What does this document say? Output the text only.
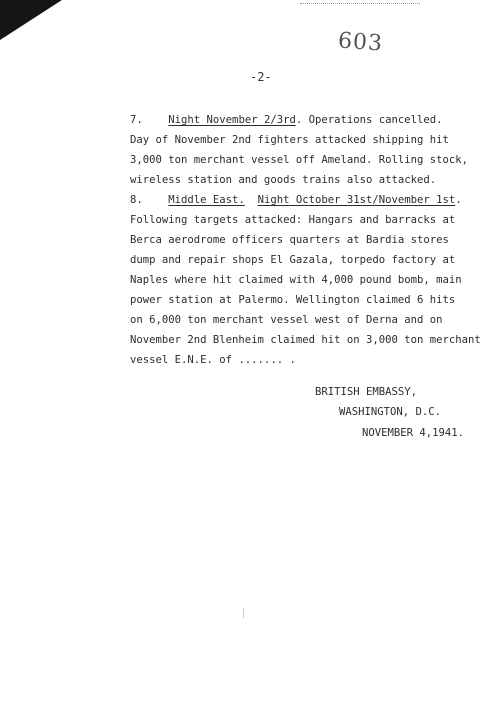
603
-2-
7. Night November 2/3rd. Operations cancelled.
Day of November 2nd fighters attacked shipping hit
3,000 ton merchant vessel off Ameland. Rolling stock,
wireless station and goods trains also attacked.
8. Middle East. Night October 31st/November 1st.
Following targets attacked: Hangars and barracks at
Berca aerodrome officers quarters at Bardia stores
dump and repair shops El Gazala, torpedo factory at
Naples where hit claimed with 4,000 pound bomb, main
power station at Palermo. Wellington claimed 6 hits
on 6,000 ton merchant vessel west of Derna and on
November 2nd Blenheim claimed hit on 3,000 ton merchant
vessel E.N.E. of ....... .
BRITISH EMBASSY,
WASHINGTON, D.C.
NOVEMBER 4,1941.
